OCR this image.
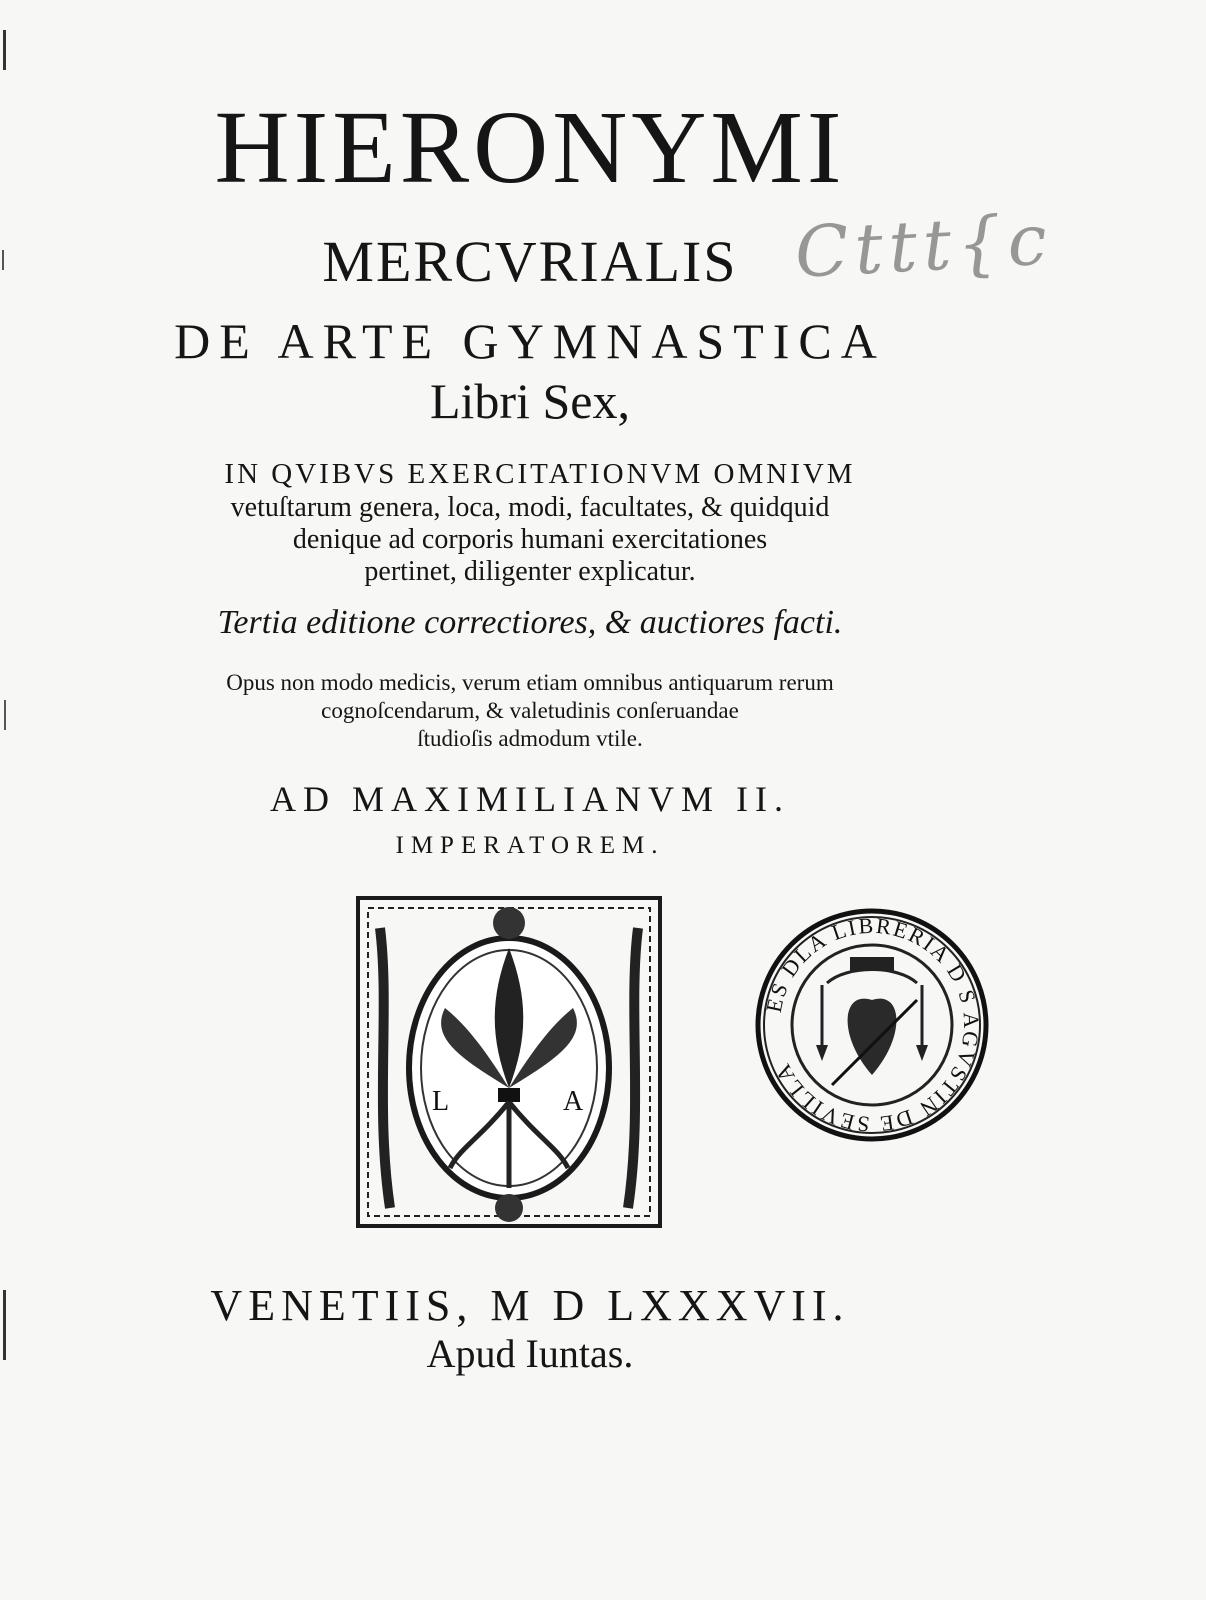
HIERONYMI
MERCVRIALIS Cttt{c
DE ARTE GYMNASTICA
Libri Sex,
IN QVIBVS EXERCITATIONVM OMNIVM
vetuſtarum genera, loca, modi, facultates, & quidquid
denique ad corporis humani exercitationes
pertinet, diligenter explicatur.
Tertia editione correctiores, & auctiores facti.
Opus non modo medicis, verum etiam omnibus antiquarum rerum
cognoſcendarum, & valetudinis conſeruandae
ſtudioſis admodum vtile.
AD MAXIMILIANVM II.
IMPERATOREM.
L	A
ES DLA LIBRERIA D S AGVSTIN DE SEVILLA
VENETIIS, M D LXXXVII.
Apud Iuntas.
